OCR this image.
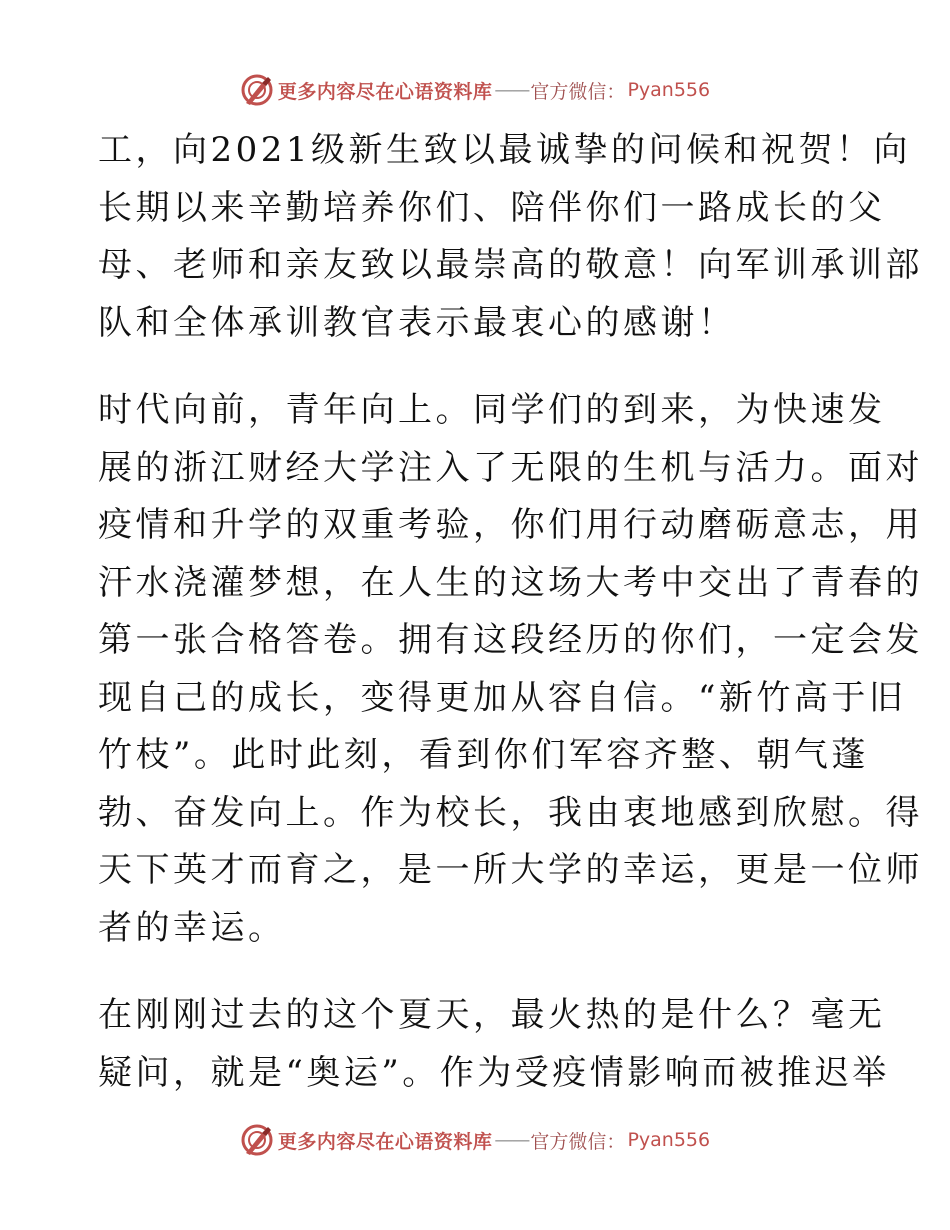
更多内容尽在心语资料库 —— 官方微信： Pyan556
工，向2021级新生致以最诚挚的问候和祝贺！向
长期以来辛勤培养你们、陪伴你们一路成长的父
母、老师和亲友致以最崇高的敬意！向军训承训部
队和全体承训教官表示最衷心的感谢！
时代向前，青年向上。同学们的到来，为快速发
展的浙江财经大学注入了无限的生机与活力。面对
疫情和升学的双重考验，你们用行动磨砺意志，用
汗水浇灌梦想，在人生的这场大考中交出了青春的
第一张合格答卷。拥有这段经历的你们，一定会发
现自己的成长，变得更加从容自信。“新竹高于旧
竹枝”。此时此刻，看到你们军容齐整、朝气蓬
勃、奋发向上。作为校长，我由衷地感到欣慰。得
天下英才而育之，是一所大学的幸运，更是一位师
者的幸运。
在刚刚过去的这个夏天，最火热的是什么？毫无
疑问，就是“奥运”。作为受疫情影响而被推迟举
更多内容尽在心语资料库 —— 官方微信： Pyan556
